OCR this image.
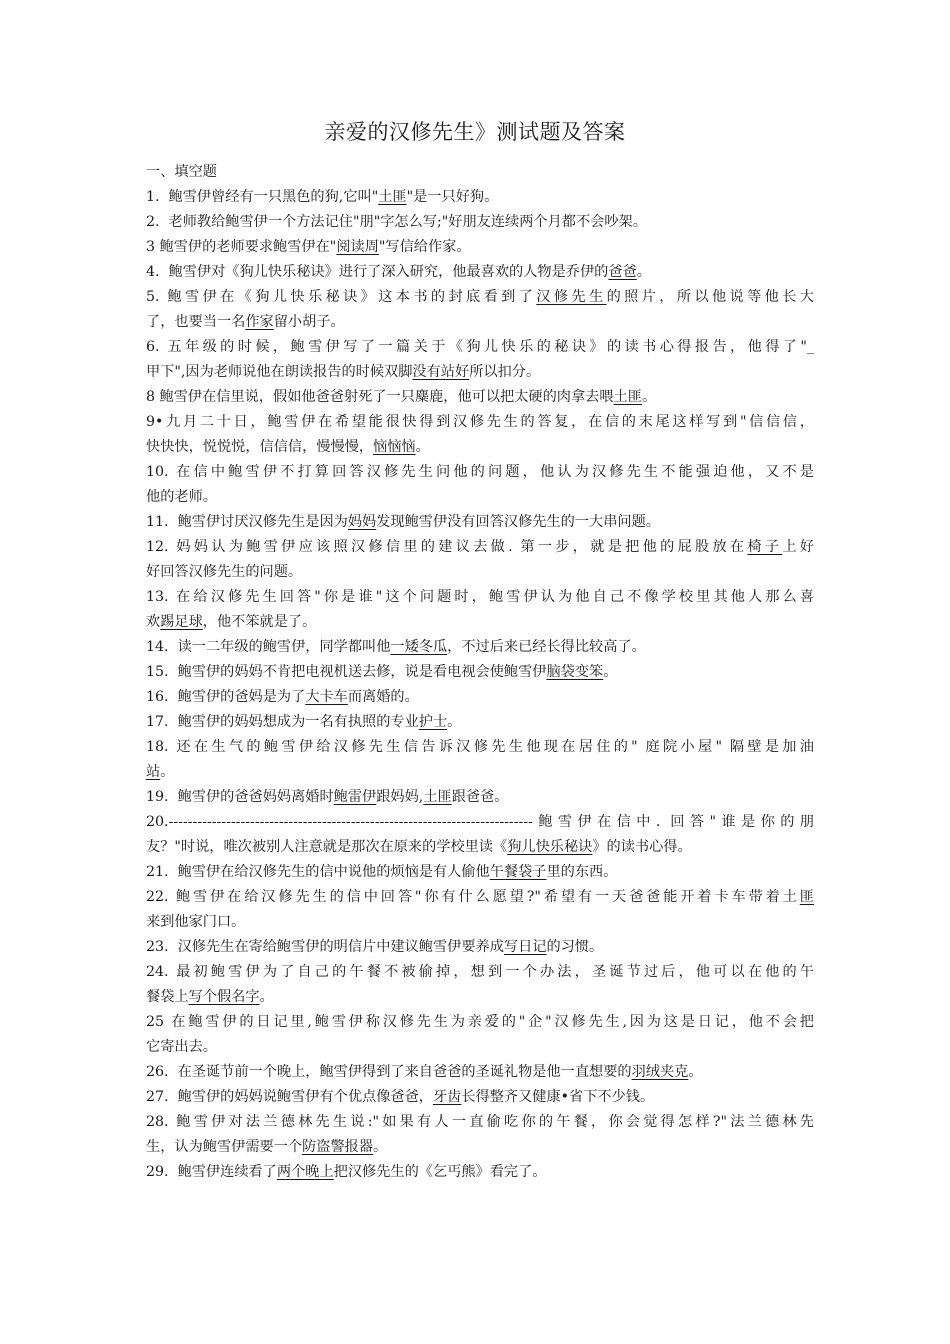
亲爱的汉修先生》测试题及答案
一、填空题
1.  鲍雪伊曾经有一只黑色的狗,它叫"土匪"是一只好狗。
2.  老师教给鲍雪伊一个方法记住"朋"字怎么写;"好朋友连续两个月都不会吵架。
3 鲍雪伊的老师要求鲍雪伊在"阅读周"写信给作家。
4.  鲍雪伊对《狗儿快乐秘诀》进行了深入研究，他最喜欢的人物是乔伊的爸爸。
5. 鲍雪伊在《狗儿快乐秘诀》这本书的封底看到了汉修先生的照片，所以他说等他长大
了，也要当一名作家留小胡子。
6. 五年级的时候，鲍雪伊写了一篇关于《狗儿快乐的秘诀》的读书心得报告，他得了"_
甲下",因为老师说他在朗读报告的时候双脚没有站好所以扣分。
8 鲍雪伊在信里说，假如他爸爸射死了一只麋鹿，他可以把太硬的肉拿去喂土匪。
9•九月二十日，鲍雪伊在希望能很快得到汉修先生的答复，在信的末尾这样写到"信信信，
快快快，悦悦悦，信信信，慢慢慢，恼恼恼。
10. 在信中鲍雪伊不打算回答汉修先生问他的问题，他认为汉修先生不能强迫他，又不是
他的老师。
11.  鲍雪伊讨厌汉修先生是因为妈妈发现鲍雪伊没有回答汉修先生的一大串问题。
12. 妈妈认为鲍雪伊应该照汉修信里的建议去做. 第一步，就是把他的屁股放在椅子上好
好回答汉修先生的问题。
13. 在给汉修先生回答"你是谁"这个问题时，鲍雪伊认为他自己不像学校里其他人那么喜
欢踢足球，他不笨就是了。
14.  读一二年级的鲍雪伊，同学都叫他一矮冬瓜，不过后来已经长得比较高了。
15.  鲍雪伊的妈妈不肯把电视机送去修，说是看电视会使鲍雪伊脑袋变笨。
16.  鲍雪伊的爸妈是为了大卡车而离婚的。
17.  鲍雪伊的妈妈想成为一名有执照的专业护士。
18. 还在生气的鲍雪伊给汉修先生信告诉汉修先生他现在居住的" 庭院小屋" 隔壁是加油
站。
19.  鲍雪伊的爸爸妈妈离婚时鲍雷伊跟妈妈,土匪跟爸爸。
20.----------------------------------------------------------------------------鲍雪伊在信中. 回答"谁是你的朋
友？"时说，唯次被别人注意就是那次在原来的学校里读《狗儿快乐秘诀》的读书心得。
21.  鲍雪伊在给汉修先生的信中说他的烦恼是有人偷他午餐袋子里的东西。
22. 鲍雪伊在给汉修先生的信中回答"你有什么愿望?"希望有一天爸爸能开着卡车带着土匪
来到他家门口。
23.  汉修先生在寄给鲍雪伊的明信片中建议鲍雪伊要养成写日记的习惯。
24. 最初鲍雪伊为了自己的午餐不被偷掉，想到一个办法，圣诞节过后，他可以在他的午
餐袋上写个假名字。
25 在鲍雪伊的日记里,鲍雪伊称汉修先生为亲爱的"企"汉修先生,因为这是日记，他不会把
它寄出去。
26.  在圣诞节前一个晚上，鲍雪伊得到了来自爸爸的圣诞礼物是他一直想要的羽绒夹克。
27.  鲍雪伊的妈妈说鲍雪伊有个优点像爸爸，牙齿长得整齐又健康•省下不少钱。
28. 鲍雪伊对法兰德林先生说:"如果有人一直偷吃你的午餐，你会觉得怎样?"法兰德林先
生，认为鲍雪伊需要一个防盗警报器。
29.  鲍雪伊连续看了两个晚上把汉修先生的《乞丐熊》看完了。
